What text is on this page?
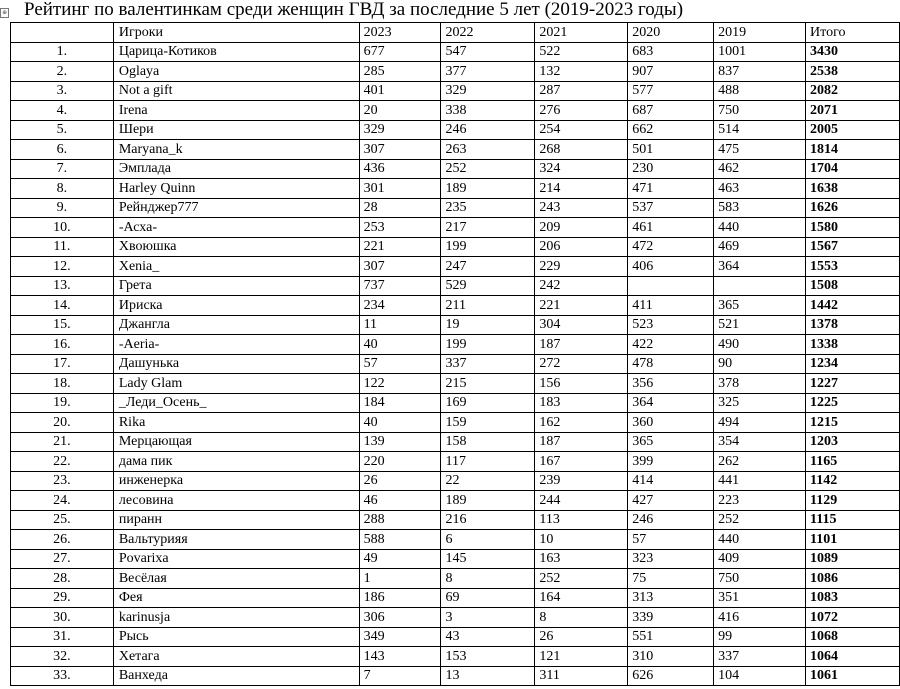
⊕ Рейтинг по валентинкам среди женщин ГВД за последние 5 лет (2019-2023 годы)
	Игроки	2023	2022	2021	2020	2019	Итого
1.	Царица-Котиков	677	547	522	683	1001	3430
2.	Oglaya	285	377	132	907	837	2538
3.	Not a gift	401	329	287	577	488	2082
4.	Irena	20	338	276	687	750	2071
5.	Шери	329	246	254	662	514	2005
6.	Maryana_k	307	263	268	501	475	1814
7.	Эмплада	436	252	324	230	462	1704
8.	Harley Quinn	301	189	214	471	463	1638
9.	Рейнджер777	28	235	243	537	583	1626
10.	-Асха-	253	217	209	461	440	1580
11.	Хвоюшка	221	199	206	472	469	1567
12.	Xenia_	307	247	229	406	364	1553
13.	Грета	737	529	242			1508
14.	Ириска	234	211	221	411	365	1442
15.	Джангла	11	19	304	523	521	1378
16.	-Aeria-	40	199	187	422	490	1338
17.	Дашунька	57	337	272	478	90	1234
18.	Lady Glam	122	215	156	356	378	1227
19.	_Леди_Осень_	184	169	183	364	325	1225
20.	Rika	40	159	162	360	494	1215
21.	Мерцающая	139	158	187	365	354	1203
22.	дама пик	220	117	167	399	262	1165
23.	инженерка	26	22	239	414	441	1142
24.	лесовина	46	189	244	427	223	1129
25.	пиранн	288	216	113	246	252	1115
26.	Вальтурияя	588	6	10	57	440	1101
27.	Povarixa	49	145	163	323	409	1089
28.	Весёлая	1	8	252	75	750	1086
29.	Фея	186	69	164	313	351	1083
30.	karinusja	306	3	8	339	416	1072
31.	Рысь	349	43	26	551	99	1068
32.	Хетага	143	153	121	310	337	1064
33.	Ванхеда	7	13	311	626	104	1061
